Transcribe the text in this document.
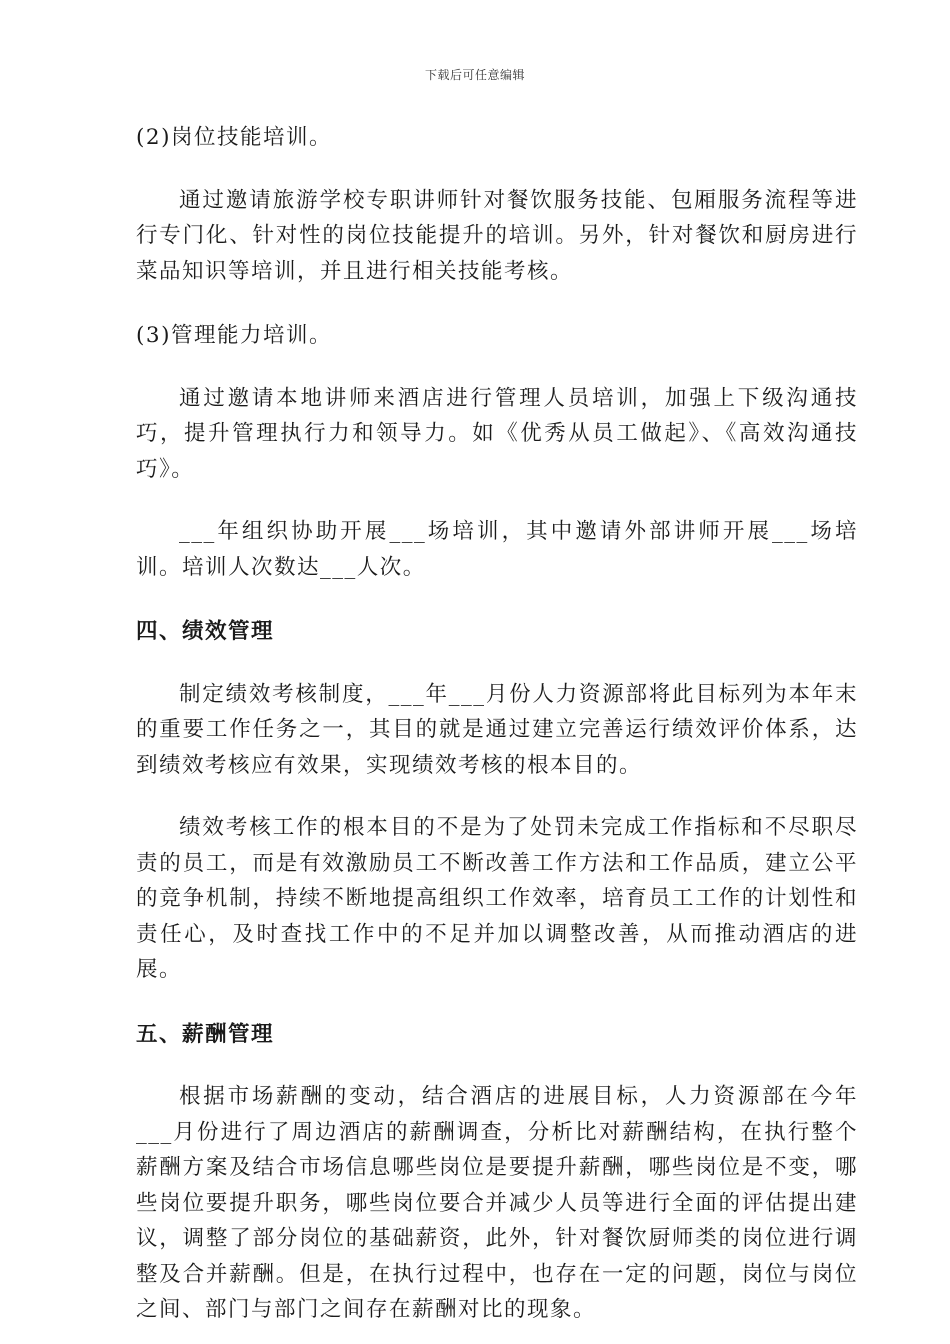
下载后可任意编辑

(2)岗位技能培训。

通过邀请旅游学校专职讲师针对餐饮服务技能、包厢服务流程等进行专门化、针对性的岗位技能提升的培训。另外，针对餐饮和厨房进行菜品知识等培训，并且进行相关技能考核。

(3)管理能力培训。

通过邀请本地讲师来酒店进行管理人员培训，加强上下级沟通技巧，提升管理执行力和领导力。如《优秀从员工做起》、《高效沟通技巧》。

___年组织协助开展___场培训，其中邀请外部讲师开展___场培训。培训人次数达___人次。

四、绩效管理

制定绩效考核制度，___年___月份人力资源部将此目标列为本年末的重要工作任务之一，其目的就是通过建立完善运行绩效评价体系，达到绩效考核应有效果，实现绩效考核的根本目的。

绩效考核工作的根本目的不是为了处罚未完成工作指标和不尽职尽责的员工，而是有效激励员工不断改善工作方法和工作品质，建立公平的竞争机制，持续不断地提高组织工作效率，培育员工工作的计划性和责任心，及时查找工作中的不足并加以调整改善，从而推动酒店的进展。

五、薪酬管理

根据市场薪酬的变动，结合酒店的进展目标，人力资源部在今年___月份进行了周边酒店的薪酬调查，分析比对薪酬结构，在执行整个薪酬方案及结合市场信息哪些岗位是要提升薪酬，哪些岗位是不变，哪些岗位要提升职务，哪些岗位要合并减少人员等进行全面的评估提出建议，调整了部分岗位的基础薪资，此外，针对餐饮厨师类的岗位进行调整及合并薪酬。但是，在执行过程中，也存在一定的问题，岗位与岗位之间、部门与部门之间存在薪酬对比的现象。
